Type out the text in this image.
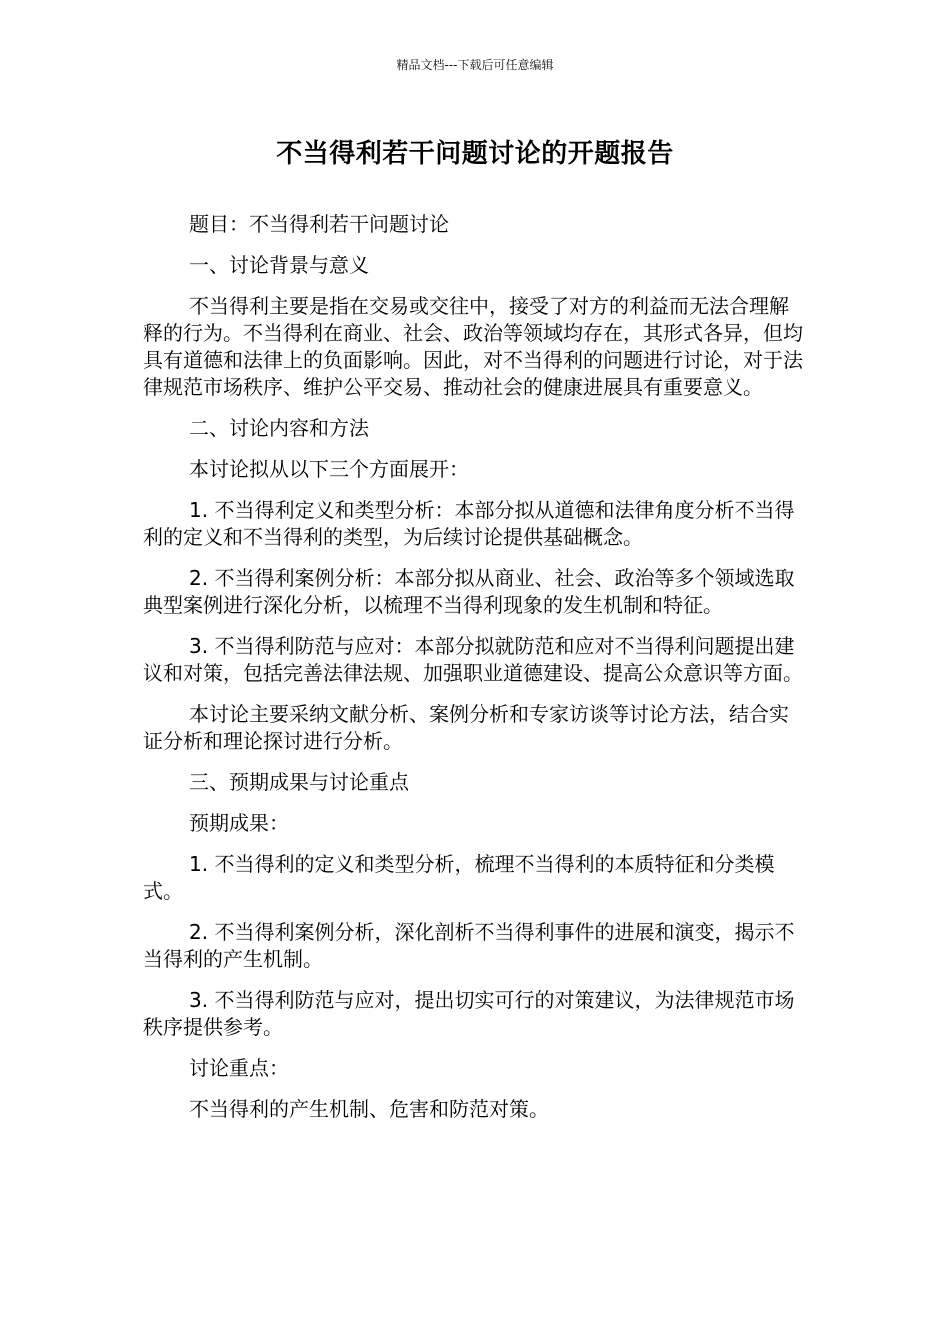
精品文档---下载后可任意编辑
不当得利若干问题讨论的开题报告

题目：不当得利若干问题讨论

一、讨论背景与意义

不当得利主要是指在交易或交往中，接受了对方的利益而无法合理解释的行为。不当得利在商业、社会、政治等领域均存在，其形式各异，但均具有道德和法律上的负面影响。因此，对不当得利的问题进行讨论，对于法律规范市场秩序、维护公平交易、推动社会的健康进展具有重要意义。

二、讨论内容和方法

本讨论拟从以下三个方面展开：

1. 不当得利定义和类型分析：本部分拟从道德和法律角度分析不当得利的定义和不当得利的类型，为后续讨论提供基础概念。

2. 不当得利案例分析：本部分拟从商业、社会、政治等多个领域选取典型案例进行深化分析，以梳理不当得利现象的发生机制和特征。

3. 不当得利防范与应对：本部分拟就防范和应对不当得利问题提出建议和对策，包括完善法律法规、加强职业道德建设、提高公众意识等方面。

本讨论主要采纳文献分析、案例分析和专家访谈等讨论方法，结合实证分析和理论探讨进行分析。

三、预期成果与讨论重点

预期成果：

1. 不当得利的定义和类型分析，梳理不当得利的本质特征和分类模式。

2. 不当得利案例分析，深化剖析不当得利事件的进展和演变，揭示不当得利的产生机制。

3. 不当得利防范与应对，提出切实可行的对策建议，为法律规范市场秩序提供参考。

讨论重点：

不当得利的产生机制、危害和防范对策。
